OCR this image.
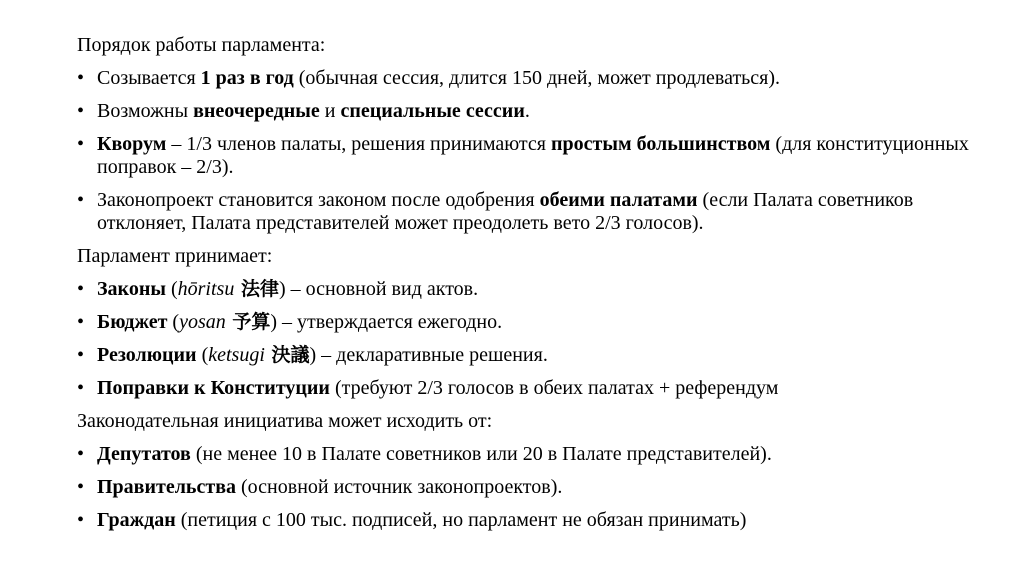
Порядок работы парламента:
• Созывается 1 раз в год (обычная сессия, длится 150 дней, может продлеваться).
• Возможны внеочередные и специальные сессии.
• Кворум – 1/3 членов палаты, решения принимаются простым большинством (для конституционных поправок – 2/3).
• Законопроект становится законом после одобрения обеими палатами (если Палата советников отклоняет, Палата представителей может преодолеть вето 2/3 голосов).
Парламент принимает:
• Законы (hōritsu 法律) – основной вид актов.
• Бюджет (yosan 予算) – утверждается ежегодно.
• Резолюции (ketsugi 決議) – декларативные решения.
• Поправки к Конституции (требуют 2/3 голосов в обеих палатах + референдум
Законодательная инициатива может исходить от:
• Депутатов (не менее 10 в Палате советников или 20 в Палате представителей).
• Правительства (основной источник законопроектов).
• Граждан (петиция с 100 тыс. подписей, но парламент не обязан принимать)
